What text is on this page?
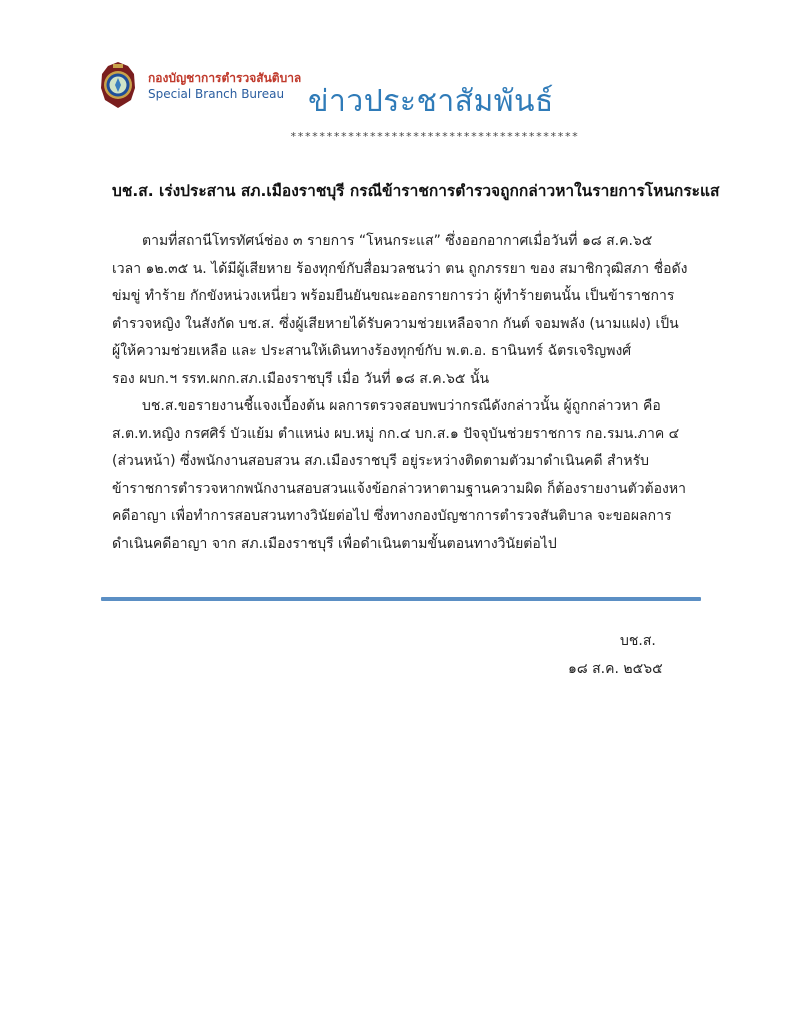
กองบัญชาการตำรวจสันติบาล
Special Branch Bureau ข่าวประชาสัมพันธ์
****************************************
บช.ส. เร่งประสาน สภ.เมืองราชบุรี กรณีข้าราชการตำรวจถูกกล่าวหาในรายการโหนกระแส
ตามที่สถานีโทรทัศน์ช่อง ๓ รายการ “โหนกระแส” ซึ่งออกอากาศเมื่อวันที่ ๑๘ ส.ค.๖๕
เวลา ๑๒.๓๕ น. ได้มีผู้เสียหาย ร้องทุกข์กับสื่อมวลชนว่า ตน ถูกภรรยา ของ สมาชิกวุฒิสภา ชื่อดัง
ข่มขู่ ทำร้าย กักขังหน่วงเหนี่ยว พร้อมยืนยันขณะออกรายการว่า ผู้ทำร้ายตนนั้น เป็นข้าราชการ
ตำรวจหญิง ในสังกัด บช.ส. ซึ่งผู้เสียหายได้รับความช่วยเหลือจาก กันต์ จอมพลัง (นามแฝง) เป็น
ผู้ให้ความช่วยเหลือ และ ประสานให้เดินทางร้องทุกข์กับ พ.ต.อ. ธานินทร์ ฉัตรเจริญพงศ์
รอง ผบก.ฯ รรท.ผกก.สภ.เมืองราชบุรี เมื่อ วันที่ ๑๘ ส.ค.๖๕ นั้น
บช.ส.ขอรายงานชี้แจงเบื้องต้น ผลการตรวจสอบพบว่ากรณีดังกล่าวนั้น ผู้ถูกกล่าวหา คือ
ส.ต.ท.หญิง กรศศิร์ บัวแย้ม ตำแหน่ง ผบ.หมู่ กก.๔ บก.ส.๑ ปัจจุบันช่วยราชการ กอ.รมน.ภาค ๔
(ส่วนหน้า) ซึ่งพนักงานสอบสวน สภ.เมืองราชบุรี อยู่ระหว่างติดตามตัวมาดำเนินคดี สำหรับ
ข้าราชการตำรวจหากพนักงานสอบสวนแจ้งข้อกล่าวหาตามฐานความผิด ก็ต้องรายงานตัวต้องหา
คดีอาญา เพื่อทำการสอบสวนทางวินัยต่อไป ซึ่งทางกองบัญชาการตำรวจสันติบาล จะขอผลการ
ดำเนินคดีอาญา จาก สภ.เมืองราชบุรี เพื่อดำเนินตามขั้นตอนทางวินัยต่อไป
บช.ส.
๑๘ ส.ค. ๒๕๖๕
